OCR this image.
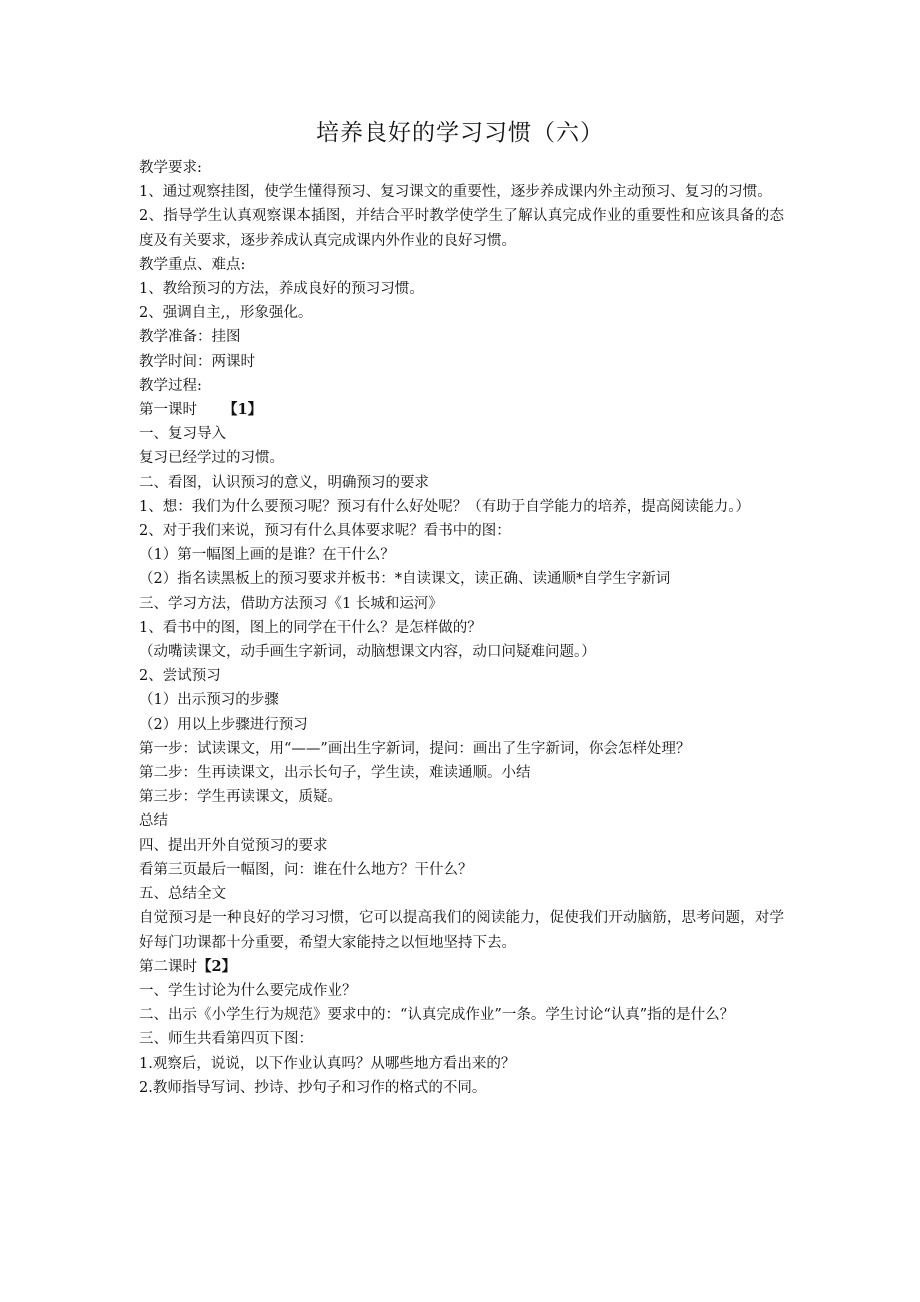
培养良好的学习习惯（六）

教学要求:

1、通过观察挂图，使学生懂得预习、复习课文的重要性，逐步养成课内外主动预习、复习的习惯。

2、指导学生认真观察课本插图，并结合平时教学使学生了解认真完成作业的重要性和应该具备的态度及有关要求，逐步养成认真完成课内外作业的良好习惯。

教学重点、难点:

1、教给预习的方法，养成良好的预习习惯。

2、强调自主,，形象强化。

教学准备：挂图

教学时间：两课时

教学过程:

第一课时 【1】

一、复习导入

复习已经学过的习惯。

二、看图，认识预习的意义，明确预习的要求

1、想：我们为什么要预习呢？预习有什么好处呢？（有助于自学能力的培养，提高阅读能力。）

2、对于我们来说，预习有什么具体要求呢？看书中的图：

（1）第一幅图上画的是谁？在干什么？

（2）指名读黑板上的预习要求并板书：*自读课文，读正确、读通顺*自学生字新词

三、学习方法，借助方法预习《1 长城和运河》

1、看书中的图，图上的同学在干什么？是怎样做的？

（动嘴读课文，动手画生字新词，动脑想课文内容，动口问疑难问题。）

2、尝试预习

（1）出示预习的步骤

（2）用以上步骤进行预习

第一步：试读课文，用“——”画出生字新词，提问：画出了生字新词，你会怎样处理？

第二步：生再读课文，出示长句子，学生读，难读通顺。小结

第三步：学生再读课文，质疑。

总结

四、提出开外自觉预习的要求

看第三页最后一幅图，问：谁在什么地方？干什么？

五、总结全文

自觉预习是一种良好的学习习惯，它可以提高我们的阅读能力，促使我们开动脑筋，思考问题，对学好每门功课都十分重要，希望大家能持之以恒地坚持下去。

第二课时【2】

一、学生讨论为什么要完成作业？

二、出示《小学生行为规范》要求中的：“认真完成作业”一条。学生讨论“认真”指的是什么？

三、师生共看第四页下图：

1.观察后，说说，以下作业认真吗？从哪些地方看出来的？

2.教师指导写词、抄诗、抄句子和习作的格式的不同。
